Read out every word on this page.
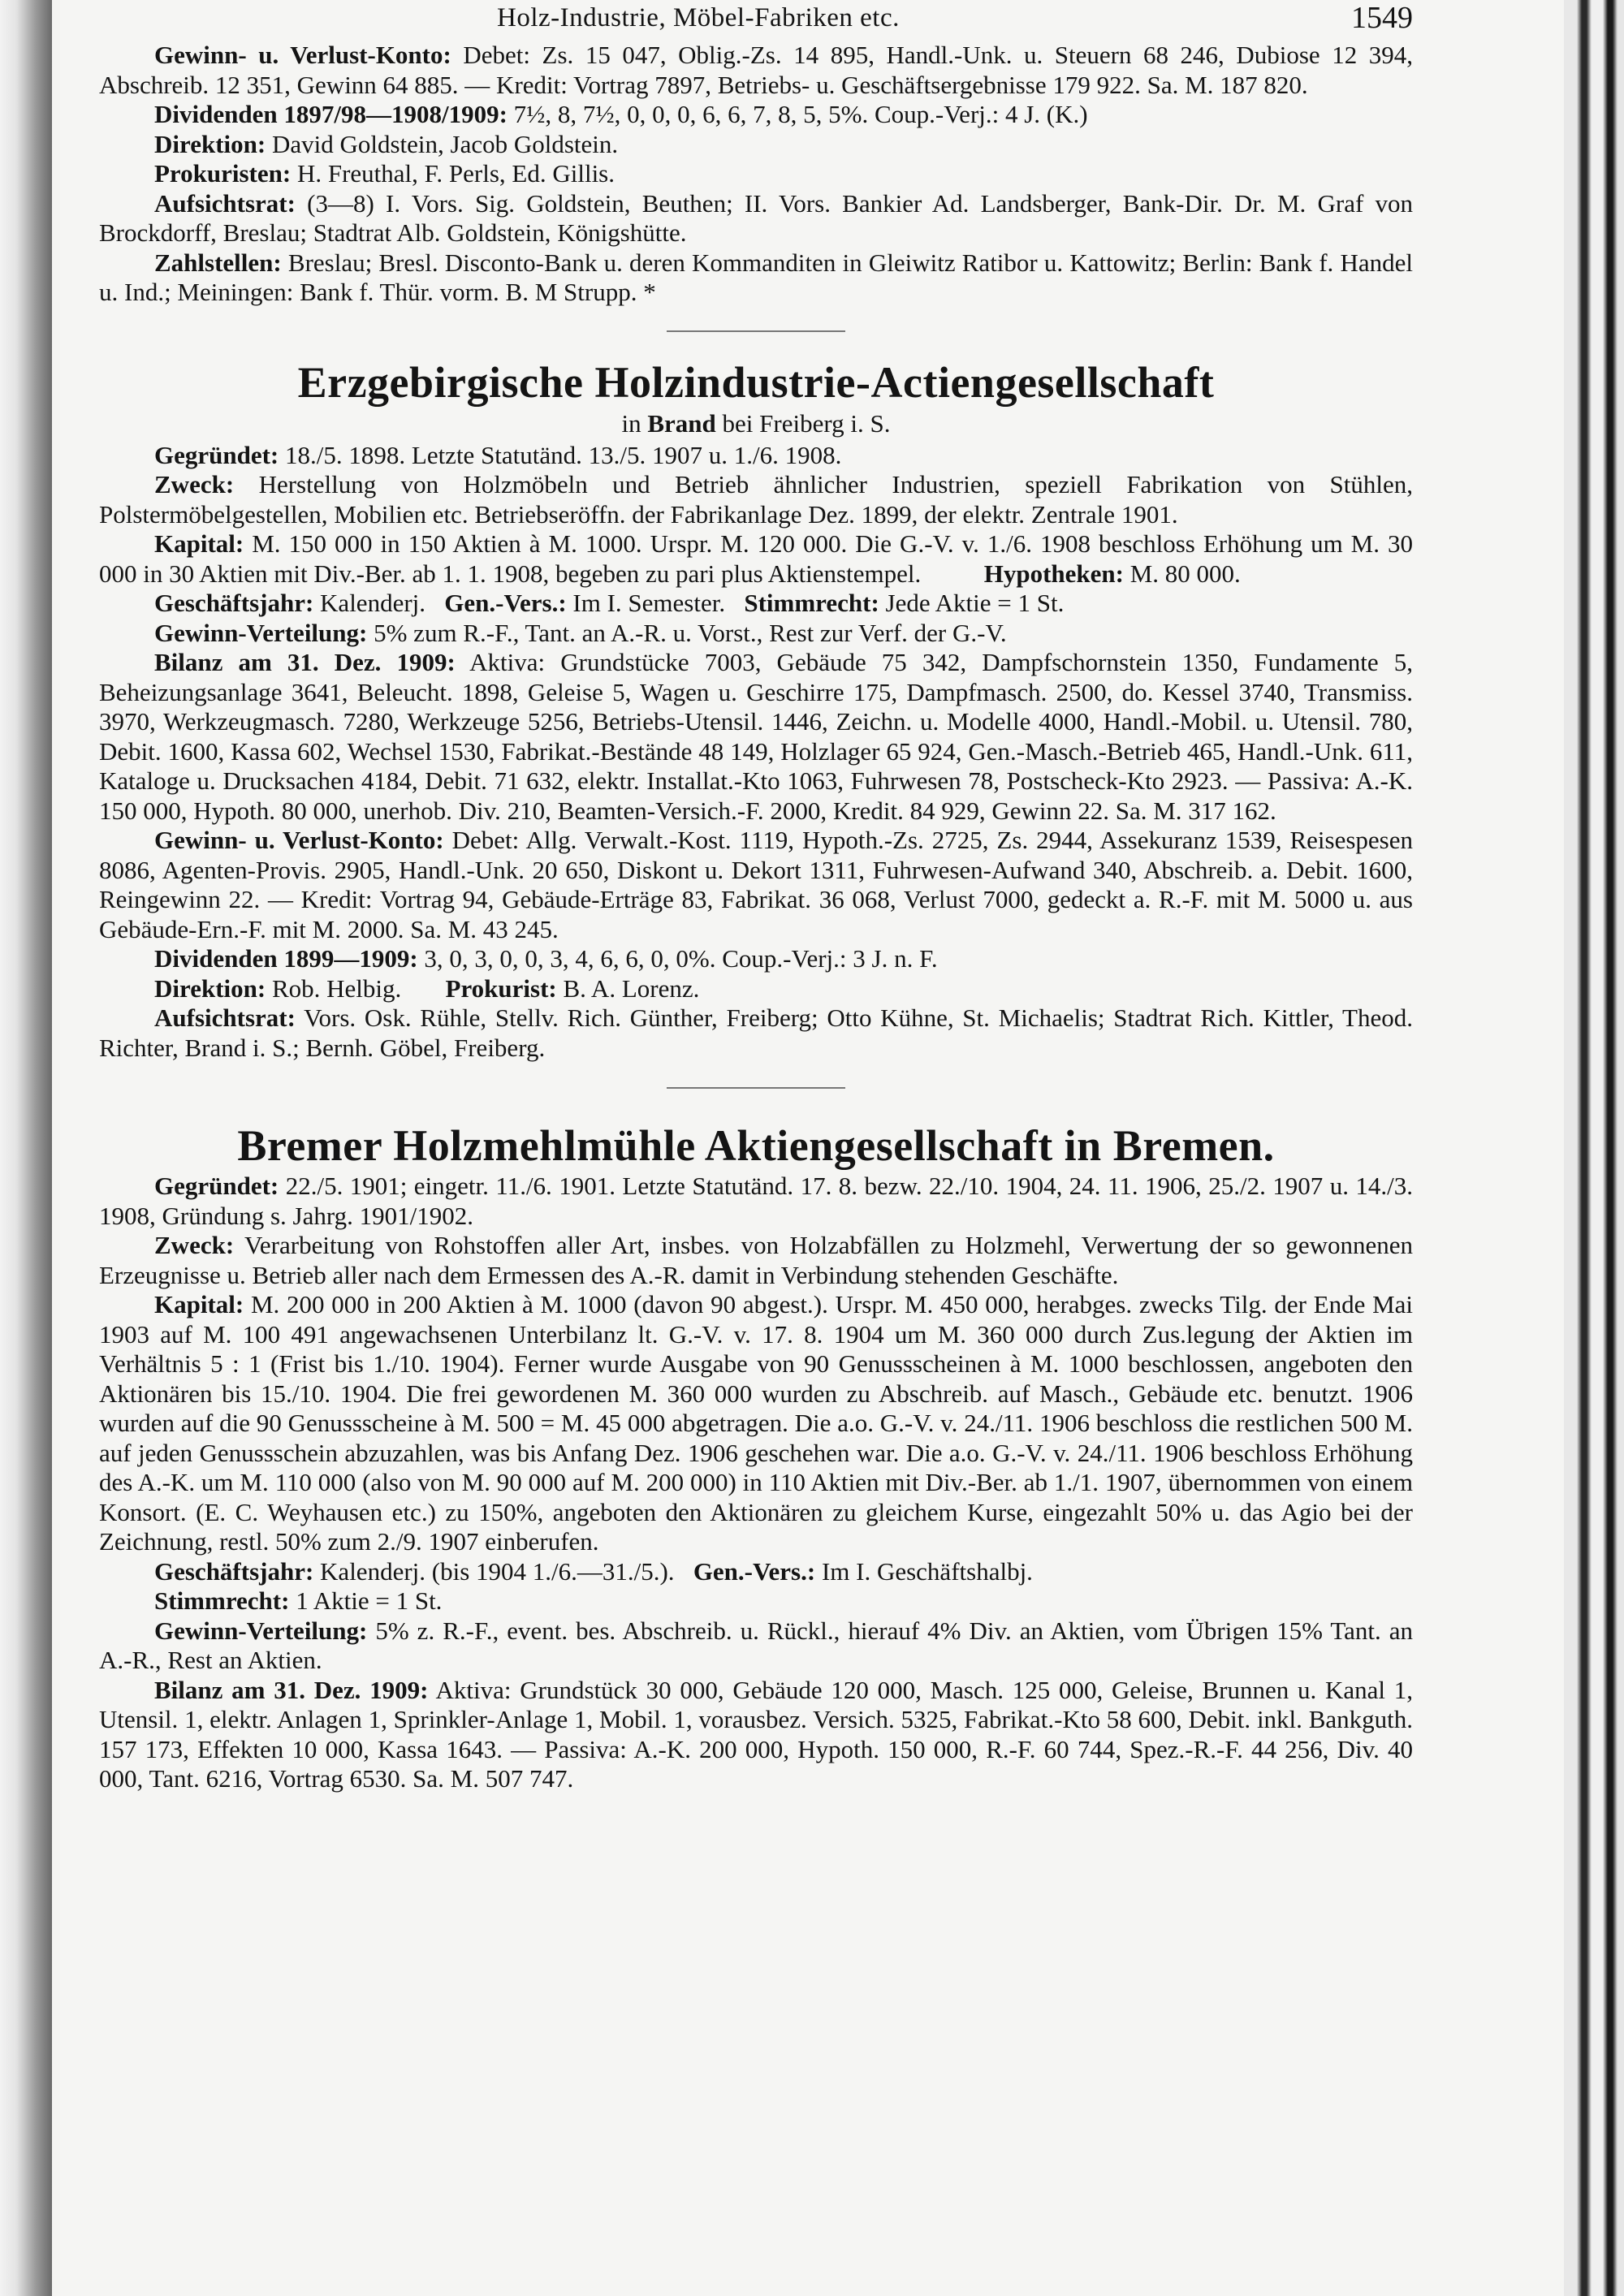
Holz-Industrie, Möbel-Fabriken etc.	1549

Gewinn- u. Verlust-Konto: Debet: Zs. 15 047, Oblig.-Zs. 14 895, Handl.-Unk. u. Steuern 68 246, Dubiose 12 394, Abschreib. 12 351, Gewinn 64 885. — Kredit: Vortrag 7897, Betriebs- u. Geschäftsergebnisse 179 922. Sa. M. 187 820.

Dividenden 1897/98—1908/1909: 7½, 8, 7½, 0, 0, 0, 6, 6, 7, 8, 5, 5%. Coup.-Verj.: 4 J. (K.)

Direktion: David Goldstein, Jacob Goldstein.

Prokuristen: H. Freuthal, F. Perls, Ed. Gillis.

Aufsichtsrat: (3—8) I. Vors. Sig. Goldstein, Beuthen; II. Vors. Bankier Ad. Landsberger, Bank-Dir. Dr. M. Graf von Brockdorff, Breslau; Stadtrat Alb. Goldstein, Königshütte.

Zahlstellen: Breslau; Bresl. Disconto-Bank u. deren Kommanditen in Gleiwitz Ratibor u. Kattowitz; Berlin: Bank f. Handel u. Ind.; Meiningen: Bank f. Thür. vorm. B. M Strupp. *

Erzgebirgische Holzindustrie-Actiengesellschaft
in Brand bei Freiberg i. S.

Gegründet: 18./5. 1898. Letzte Statutänd. 13./5. 1907 u. 1./6. 1908.

Zweck: Herstellung von Holzmöbeln und Betrieb ähnlicher Industrien, speziell Fabrikation von Stühlen, Polstermöbelgestellen, Mobilien etc. Betriebseröffn. der Fabrikanlage Dez. 1899, der elektr. Zentrale 1901.

Kapital: M. 150 000 in 150 Aktien à M. 1000. Urspr. M. 120 000. Die G.-V. v. 1./6. 1908 beschloss Erhöhung um M. 30 000 in 30 Aktien mit Div.-Ber. ab 1. 1. 1908, begeben zu pari plus Aktienstempel.	Hypotheken: M. 80 000.

Geschäftsjahr: Kalenderj. Gen.-Vers.: Im I. Semester. Stimmrecht: Jede Aktie = 1 St.

Gewinn-Verteilung: 5% zum R.-F., Tant. an A.-R. u. Vorst., Rest zur Verf. der G.-V.

Bilanz am 31. Dez. 1909: Aktiva: Grundstücke 7003, Gebäude 75 342, Dampfschornstein 1350, Fundamente 5, Beheizungsanlage 3641, Beleucht. 1898, Geleise 5, Wagen u. Geschirre 175, Dampfmasch. 2500, do. Kessel 3740, Transmiss. 3970, Werkzeugmasch. 7280, Werkzeuge 5256, Betriebs-Utensil. 1446, Zeichn. u. Modelle 4000, Handl.-Mobil. u. Utensil. 780, Debit. 1600, Kassa 602, Wechsel 1530, Fabrikat.-Bestände 48 149, Holzlager 65 924, Gen.-Masch.-Betrieb 465, Handl.-Unk. 611, Kataloge u. Drucksachen 4184, Debit. 71 632, elektr. Installat.-Kto 1063, Fuhrwesen 78, Postscheck-Kto 2923. — Passiva: A.-K. 150 000, Hypoth. 80 000, unerhob. Div. 210, Beamten-Versich.-F. 2000, Kredit. 84 929, Gewinn 22. Sa. M. 317 162.

Gewinn- u. Verlust-Konto: Debet: Allg. Verwalt.-Kost. 1119, Hypoth.-Zs. 2725, Zs. 2944, Assekuranz 1539, Reisespesen 8086, Agenten-Provis. 2905, Handl.-Unk. 20 650, Diskont u. Dekort 1311, Fuhrwesen-Aufwand 340, Abschreib. a. Debit. 1600, Reingewinn 22. — Kredit: Vortrag 94, Gebäude-Erträge 83, Fabrikat. 36 068, Verlust 7000, gedeckt a. R.-F. mit M. 5000 u. aus Gebäude-Ern.-F. mit M. 2000. Sa. M. 43 245.

Dividenden 1899—1909: 3, 0, 3, 0, 0, 3, 4, 6, 6, 0, 0%. Coup.-Verj.: 3 J. n. F.

Direktion: Rob. Helbig. Prokurist: B. A. Lorenz.

Aufsichtsrat: Vors. Osk. Rühle, Stellv. Rich. Günther, Freiberg; Otto Kühne, St. Michaelis; Stadtrat Rich. Kittler, Theod. Richter, Brand i. S.; Bernh. Göbel, Freiberg.

Bremer Holzmehlmühle Aktiengesellschaft in Bremen.

Gegründet: 22./5. 1901; eingetr. 11./6. 1901. Letzte Statutänd. 17. 8. bezw. 22./10. 1904, 24. 11. 1906, 25./2. 1907 u. 14./3. 1908, Gründung s. Jahrg. 1901/1902.

Zweck: Verarbeitung von Rohstoffen aller Art, insbes. von Holzabfällen zu Holzmehl, Verwertung der so gewonnenen Erzeugnisse u. Betrieb aller nach dem Ermessen des A.-R. damit in Verbindung stehenden Geschäfte.

Kapital: M. 200 000 in 200 Aktien à M. 1000 (davon 90 abgest.). Urspr. M. 450 000, herabges. zwecks Tilg. der Ende Mai 1903 auf M. 100 491 angewachsenen Unterbilanz lt. G.-V. v. 17. 8. 1904 um M. 360 000 durch Zus.legung der Aktien im Verhältnis 5 : 1 (Frist bis 1./10. 1904). Ferner wurde Ausgabe von 90 Genussscheinen à M. 1000 beschlossen, angeboten den Aktionären bis 15./10. 1904. Die frei gewordenen M. 360 000 wurden zu Abschreib. auf Masch., Gebäude etc. benutzt. 1906 wurden auf die 90 Genussscheine à M. 500 = M. 45 000 abgetragen. Die a.o. G.-V. v. 24./11. 1906 beschloss die restlichen 500 M. auf jeden Genussschein abzuzahlen, was bis Anfang Dez. 1906 geschehen war. Die a.o. G.-V. v. 24./11. 1906 beschloss Erhöhung des A.-K. um M. 110 000 (also von M. 90 000 auf M. 200 000) in 110 Aktien mit Div.-Ber. ab 1./1. 1907, übernommen von einem Konsort. (E. C. Weyhausen etc.) zu 150%, angeboten den Aktionären zu gleichem Kurse, eingezahlt 50% u. das Agio bei der Zeichnung, restl. 50% zum 2./9. 1907 einberufen.

Geschäftsjahr: Kalenderj. (bis 1904 1./6.—31./5.). Gen.-Vers.: Im I. Geschäftshalbj.

Stimmrecht: 1 Aktie = 1 St.

Gewinn-Verteilung: 5% z. R.-F., event. bes. Abschreib. u. Rückl., hierauf 4% Div. an Aktien, vom Übrigen 15% Tant. an A.-R., Rest an Aktien.

Bilanz am 31. Dez. 1909: Aktiva: Grundstück 30 000, Gebäude 120 000, Masch. 125 000, Geleise, Brunnen u. Kanal 1, Utensil. 1, elektr. Anlagen 1, Sprinkler-Anlage 1, Mobil. 1, vorausbez. Versich. 5325, Fabrikat.-Kto 58 600, Debit. inkl. Bankguth. 157 173, Effekten 10 000, Kassa 1643. — Passiva: A.-K. 200 000, Hypoth. 150 000, R.-F. 60 744, Spez.-R.-F. 44 256, Div. 40 000, Tant. 6216, Vortrag 6530. Sa. M. 507 747.
